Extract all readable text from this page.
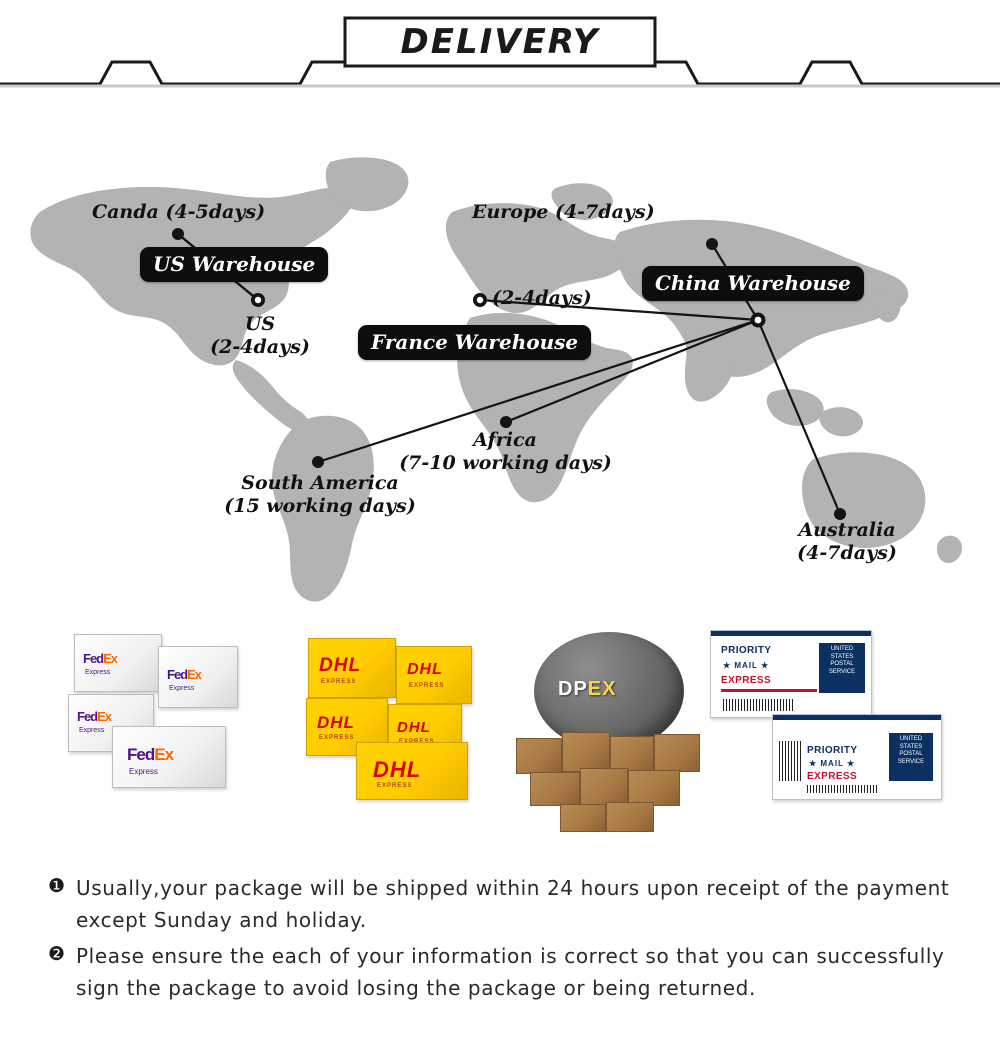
DELIVERY
Canda (4-5days)
US Warehouse
US
(2-4days)
Europe (4-7days)
(2-4days)
France Warehouse
China Warehouse
Africa
(7-10 working days)
South America
(15 working days)
Australia
(4-7days)
FedEx
Express	FedEx
Express
FedEx
Express
FedEx
Express
DHL
EXPRESS
DHL
EXPRESS
DHL
EXPRESS
DHL
DHL
EXPRESS
DPEX
PRIORITY
★ MAIL ★
EXPRESS
UNITED STATES POSTAL SERVICE
PRIORITY
★ MAIL ★
EXPRESS
UNITED STATES POSTAL SERVICE
❶ Usually,your package will be shipped within 24 hours upon receipt of the payment except Sunday and holiday.
❷ Please ensure the each of your information is correct so that you can successfully sign the package to avoid losing the package or being returned.
